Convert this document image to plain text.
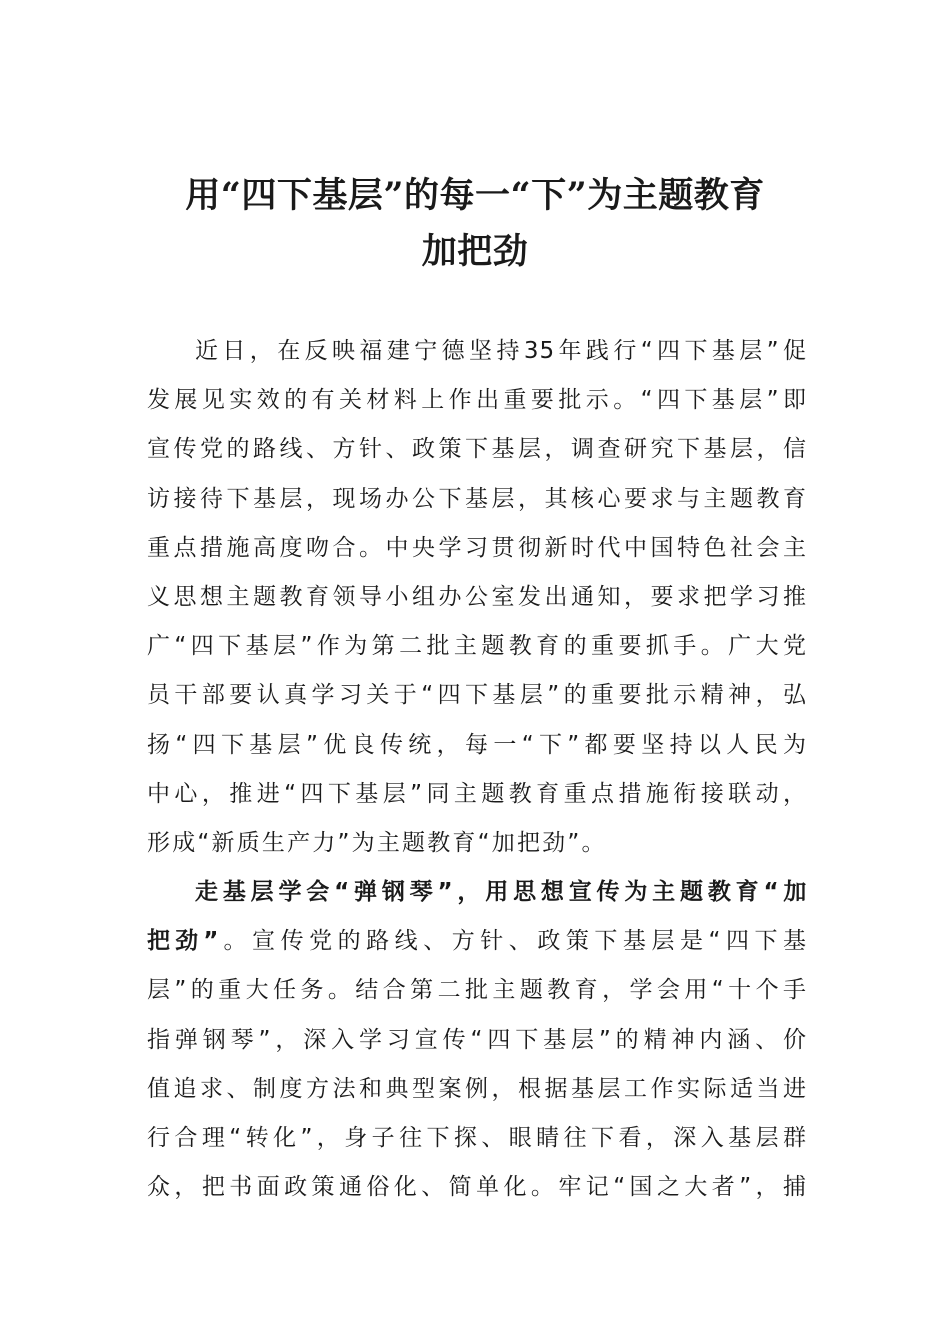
用“四下基层”的每一“下”为主题教育
加把劲
近日，在反映福建宁德坚持35年践行“四下基层”促
发展见实效的有关材料上作出重要批示。“四下基层”即
宣传党的路线、方针、政策下基层，调查研究下基层，信
访接待下基层，现场办公下基层，其核心要求与主题教育
重点措施高度吻合。中央学习贯彻新时代中国特色社会主
义思想主题教育领导小组办公室发出通知，要求把学习推
广“四下基层”作为第二批主题教育的重要抓手。广大党
员干部要认真学习关于“四下基层”的重要批示精神，弘
扬“四下基层”优良传统，每一“下”都要坚持以人民为
中心，推进“四下基层”同主题教育重点措施衔接联动，
形成“新质生产力”为主题教育“加把劲”。
走基层学会“弹钢琴”，用思想宣传为主题教育“加
把劲”。宣传党的路线、方针、政策下基层是“四下基
层”的重大任务。结合第二批主题教育，学会用“十个手
指弹钢琴”，深入学习宣传“四下基层”的精神内涵、价
值追求、制度方法和典型案例，根据基层工作实际适当进
行合理“转化”，身子往下探、眼睛往下看，深入基层群
众，把书面政策通俗化、简单化。牢记“国之大者”，捕
